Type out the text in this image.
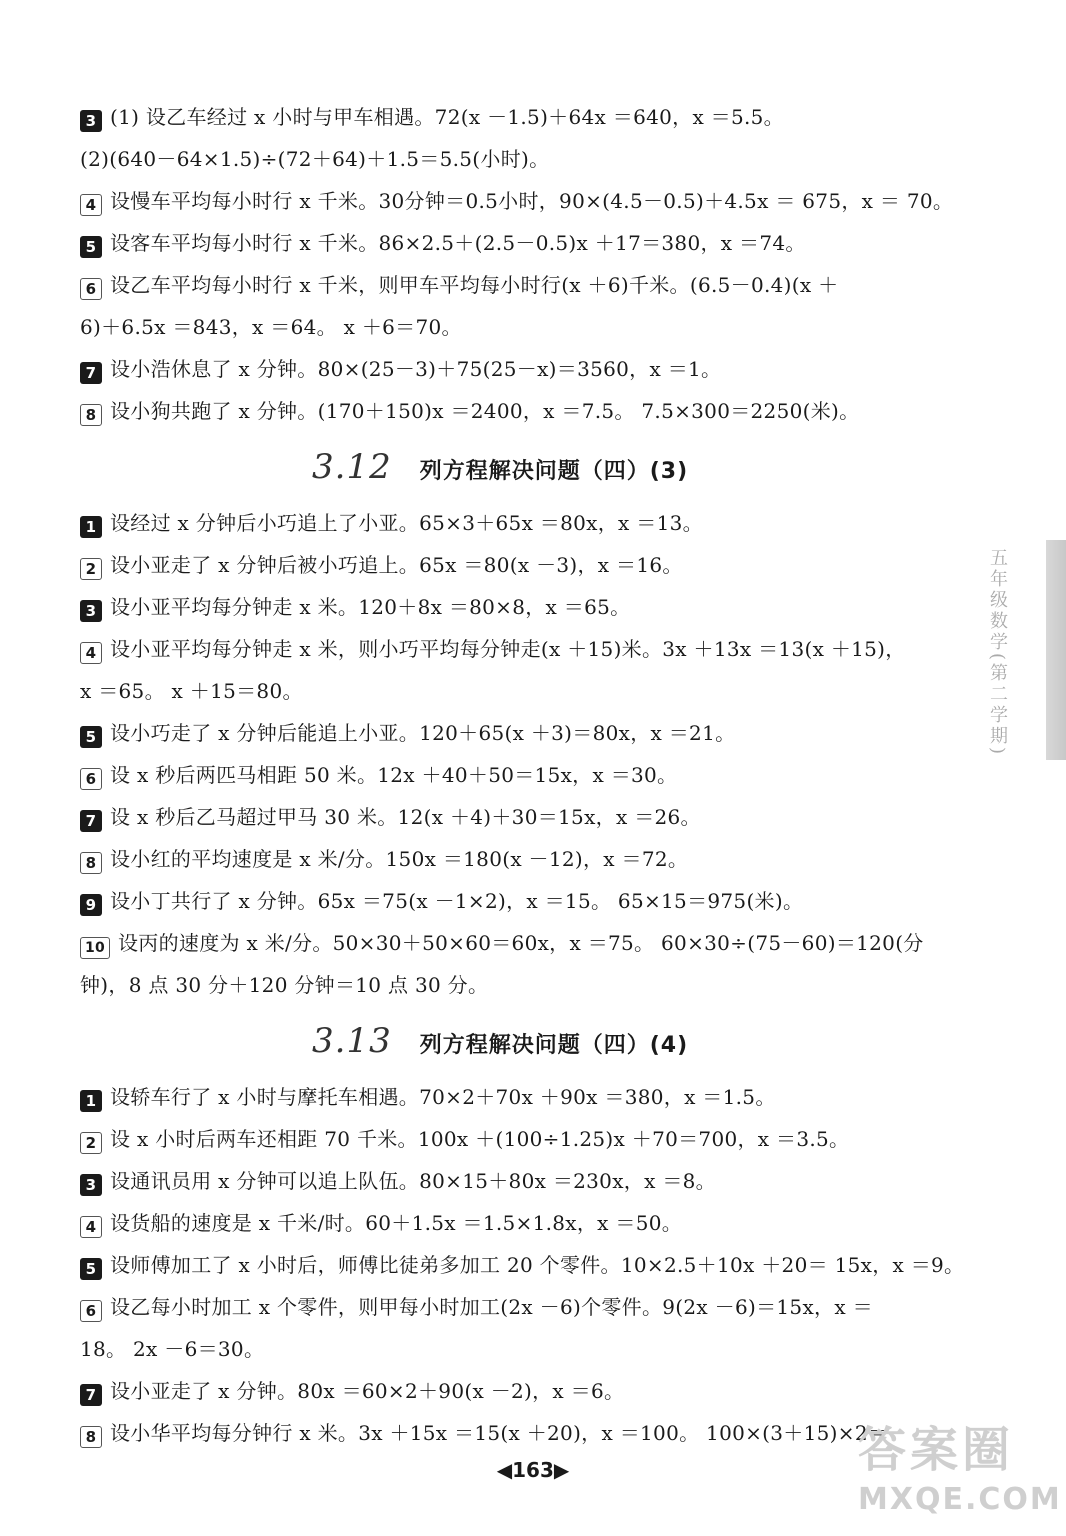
3 (1) 设乙车经过 x 小时与甲车相遇。72(x －1.5)＋64x ＝640，x ＝5.5。
(2)(640－64×1.5)÷(72＋64)＋1.5＝5.5(小时)。
4 设慢车平均每小时行 x 千米。30分钟＝0.5小时，90×(4.5－0.5)＋4.5x ＝ 675，x ＝ 70。
5 设客车平均每小时行 x 千米。86×2.5＋(2.5－0.5)x ＋17＝380，x ＝74。
6 设乙车平均每小时行 x 千米，则甲车平均每小时行(x ＋6)千米。(6.5－0.4)(x ＋
6)＋6.5x ＝843，x ＝64。 x ＋6＝70。
7 设小浩休息了 x 分钟。80×(25－3)＋75(25－x)＝3560，x ＝1。
8 设小狗共跑了 x 分钟。(170＋150)x ＝2400，x ＝7.5。 7.5×300＝2250(米)。
3.12 列方程解决问题（四）(3)
1 设经过 x 分钟后小巧追上了小亚。65×3＋65x ＝80x，x ＝13。
2 设小亚走了 x 分钟后被小巧追上。65x ＝80(x －3)，x ＝16。
3 设小亚平均每分钟走 x 米。120＋8x ＝80×8，x ＝65。
4 设小亚平均每分钟走 x 米，则小巧平均每分钟走(x ＋15)米。3x ＋13x ＝13(x ＋15)，
x ＝65。 x ＋15＝80。
5 设小巧走了 x 分钟后能追上小亚。120＋65(x ＋3)＝80x，x ＝21。
6 设 x 秒后两匹马相距 50 米。12x ＋40＋50＝15x，x ＝30。
7 设 x 秒后乙马超过甲马 30 米。12(x ＋4)＋30＝15x，x ＝26。
8 设小红的平均速度是 x 米/分。150x ＝180(x －12)，x ＝72。
9 设小丁共行了 x 分钟。65x ＝75(x －1×2)，x ＝15。 65×15＝975(米)。
10 设丙的速度为 x 米/分。50×30＋50×60＝60x，x ＝75。 60×30÷(75－60)＝120(分
钟)，8 点 30 分＋120 分钟＝10 点 30 分。
3.13 列方程解决问题（四）(4)
1 设轿车行了 x 小时与摩托车相遇。70×2＋70x ＋90x ＝380，x ＝1.5。
2 设 x 小时后两车还相距 70 千米。100x ＋(100÷1.25)x ＋70＝700，x ＝3.5。
3 设通讯员用 x 分钟可以追上队伍。80×15＋80x ＝230x，x ＝8。
4 设货船的速度是 x 千米/时。60＋1.5x ＝1.5×1.8x，x ＝50。
5 设师傅加工了 x 小时后，师傅比徒弟多加工 20 个零件。10×2.5＋10x ＋20＝ 15x，x ＝9。
6 设乙每小时加工 x 个零件，则甲每小时加工(2x －6)个零件。9(2x －6)＝15x，x ＝
18。 2x －6＝30。
7 设小亚走了 x 分钟。80x ＝60×2＋90(x －2)，x ＝6。
8 设小华平均每分钟行 x 米。3x ＋15x ＝15(x ＋20)，x ＝100。 100×(3＋15)×2＝
五年级数学(第二学期)
◀163▶	答案圈
MXQE.COM
